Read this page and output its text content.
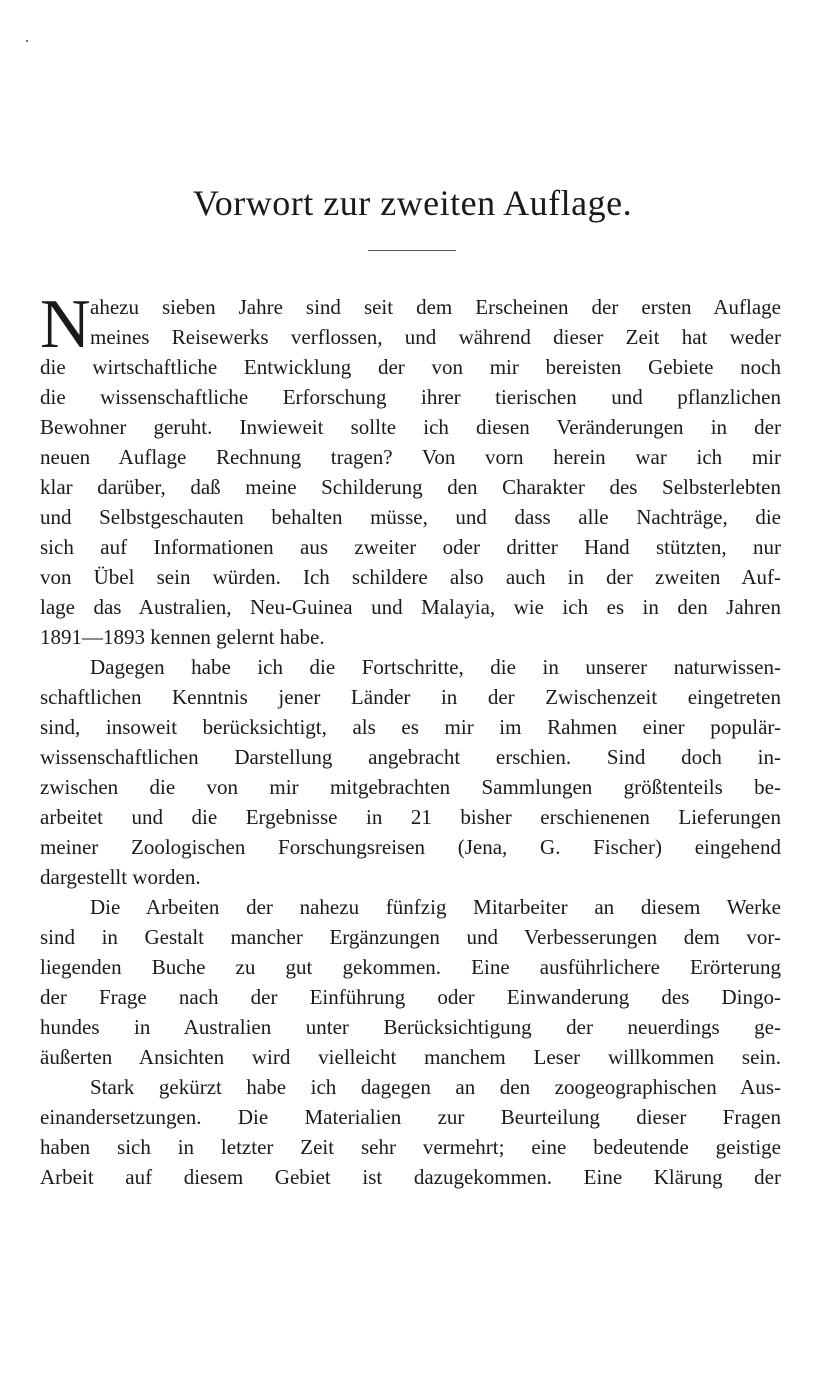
Vorwort zur zweiten Auflage.
N ahezu sieben Jahre sind seit dem Erscheinen der ersten Auflage
meines Reisewerks verflossen, und während dieser Zeit hat weder
die wirtschaftliche Entwicklung der von mir bereisten Gebiete noch
die wissenschaftliche Erforschung ihrer tierischen und pflanzlichen
Bewohner geruht. Inwieweit sollte ich diesen Veränderungen in der
neuen Auflage Rechnung tragen? Von vorn herein war ich mir
klar darüber, daß meine Schilderung den Charakter des Selbsterlebten
und Selbstgeschauten behalten müsse, und dass alle Nachträge, die
sich auf Informationen aus zweiter oder dritter Hand stützten, nur
von Übel sein würden. Ich schildere also auch in der zweiten Auf-
lage das Australien, Neu-Guinea und Malayia, wie ich es in den Jahren
1891—1893 kennen gelernt habe.
Dagegen habe ich die Fortschritte, die in unserer naturwissen-
schaftlichen Kenntnis jener Länder in der Zwischenzeit eingetreten
sind, insoweit berücksichtigt, als es mir im Rahmen einer populär-
wissenschaftlichen Darstellung angebracht erschien. Sind doch in-
zwischen die von mir mitgebrachten Sammlungen größtenteils be-
arbeitet und die Ergebnisse in 21 bisher erschienenen Lieferungen
meiner Zoologischen Forschungsreisen (Jena, G. Fischer) eingehend
dargestellt worden.
Die Arbeiten der nahezu fünfzig Mitarbeiter an diesem Werke
sind in Gestalt mancher Ergänzungen und Verbesserungen dem vor-
liegenden Buche zu gut gekommen. Eine ausführlichere Erörterung
der Frage nach der Einführung oder Einwanderung des Dingo-
hundes in Australien unter Berücksichtigung der neuerdings ge-
äußerten Ansichten wird vielleicht manchem Leser willkommen sein.
Stark gekürzt habe ich dagegen an den zoogeographischen Aus-
einandersetzungen. Die Materialien zur Beurteilung dieser Fragen
haben sich in letzter Zeit sehr vermehrt; eine bedeutende geistige
Arbeit auf diesem Gebiet ist dazugekommen. Eine Klärung der
